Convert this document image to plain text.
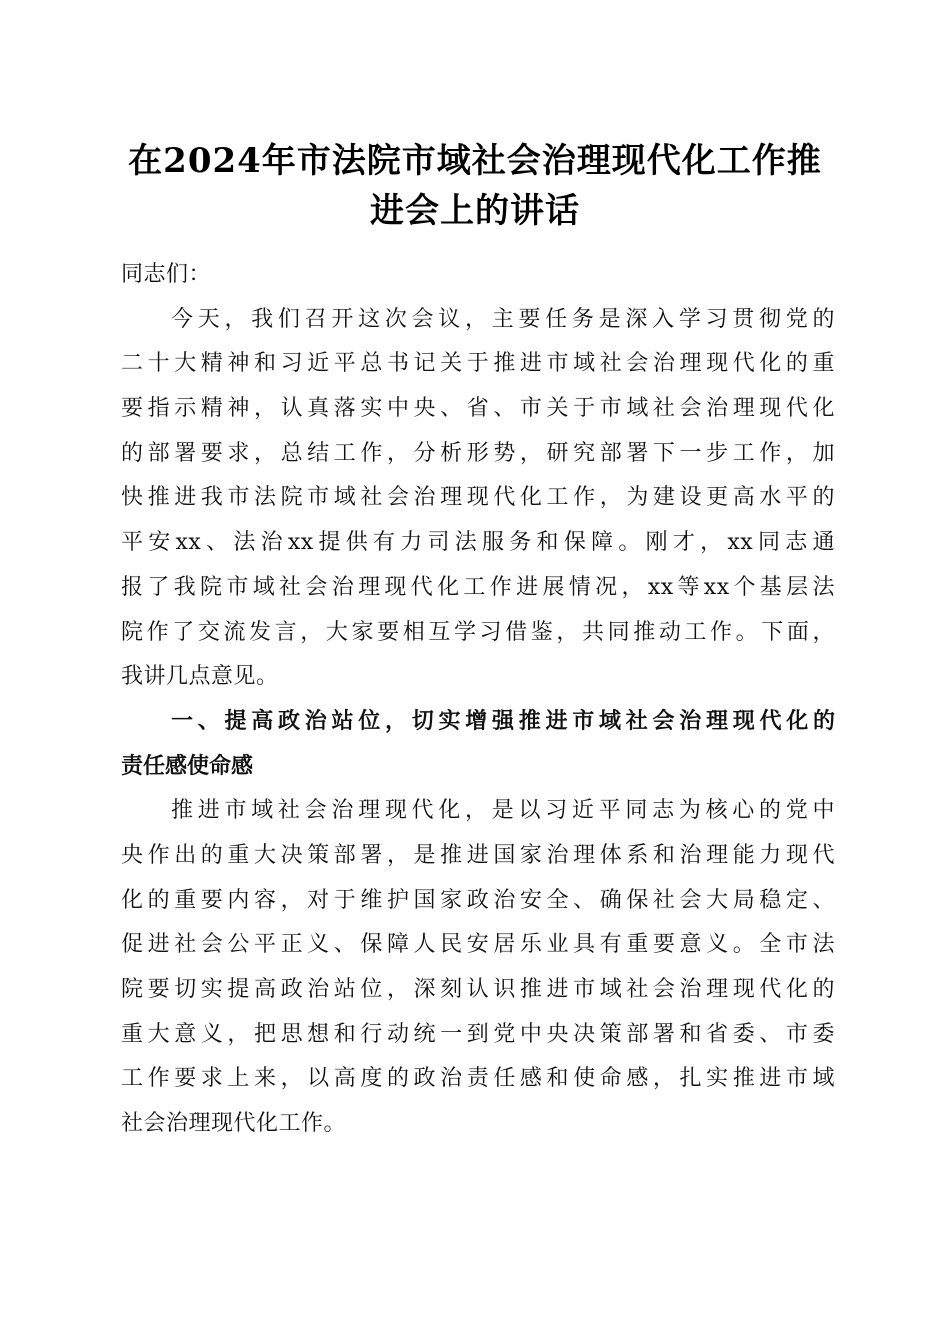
在2024年市法院市域社会治理现代化工作推
进会上的讲话
同志们：
今天，我们召开这次会议，主要任务是深入学习贯彻党的
二十大精神和习近平总书记关于推进市域社会治理现代化的重
要指示精神，认真落实中央、省、市关于市域社会治理现代化
的部署要求，总结工作，分析形势，研究部署下一步工作，加
快推进我市法院市域社会治理现代化工作，为建设更高水平的
平安xx、法治xx提供有力司法服务和保障。刚才，xx同志通
报了我院市域社会治理现代化工作进展情况，xx等xx个基层法
院作了交流发言，大家要相互学习借鉴，共同推动工作。下面，
我讲几点意见。
一、提高政治站位，切实增强推进市域社会治理现代化的
责任感使命感
推进市域社会治理现代化，是以习近平同志为核心的党中
央作出的重大决策部署，是推进国家治理体系和治理能力现代
化的重要内容，对于维护国家政治安全、确保社会大局稳定、
促进社会公平正义、保障人民安居乐业具有重要意义。全市法
院要切实提高政治站位，深刻认识推进市域社会治理现代化的
重大意义，把思想和行动统一到党中央决策部署和省委、市委
工作要求上来，以高度的政治责任感和使命感，扎实推进市域
社会治理现代化工作。
